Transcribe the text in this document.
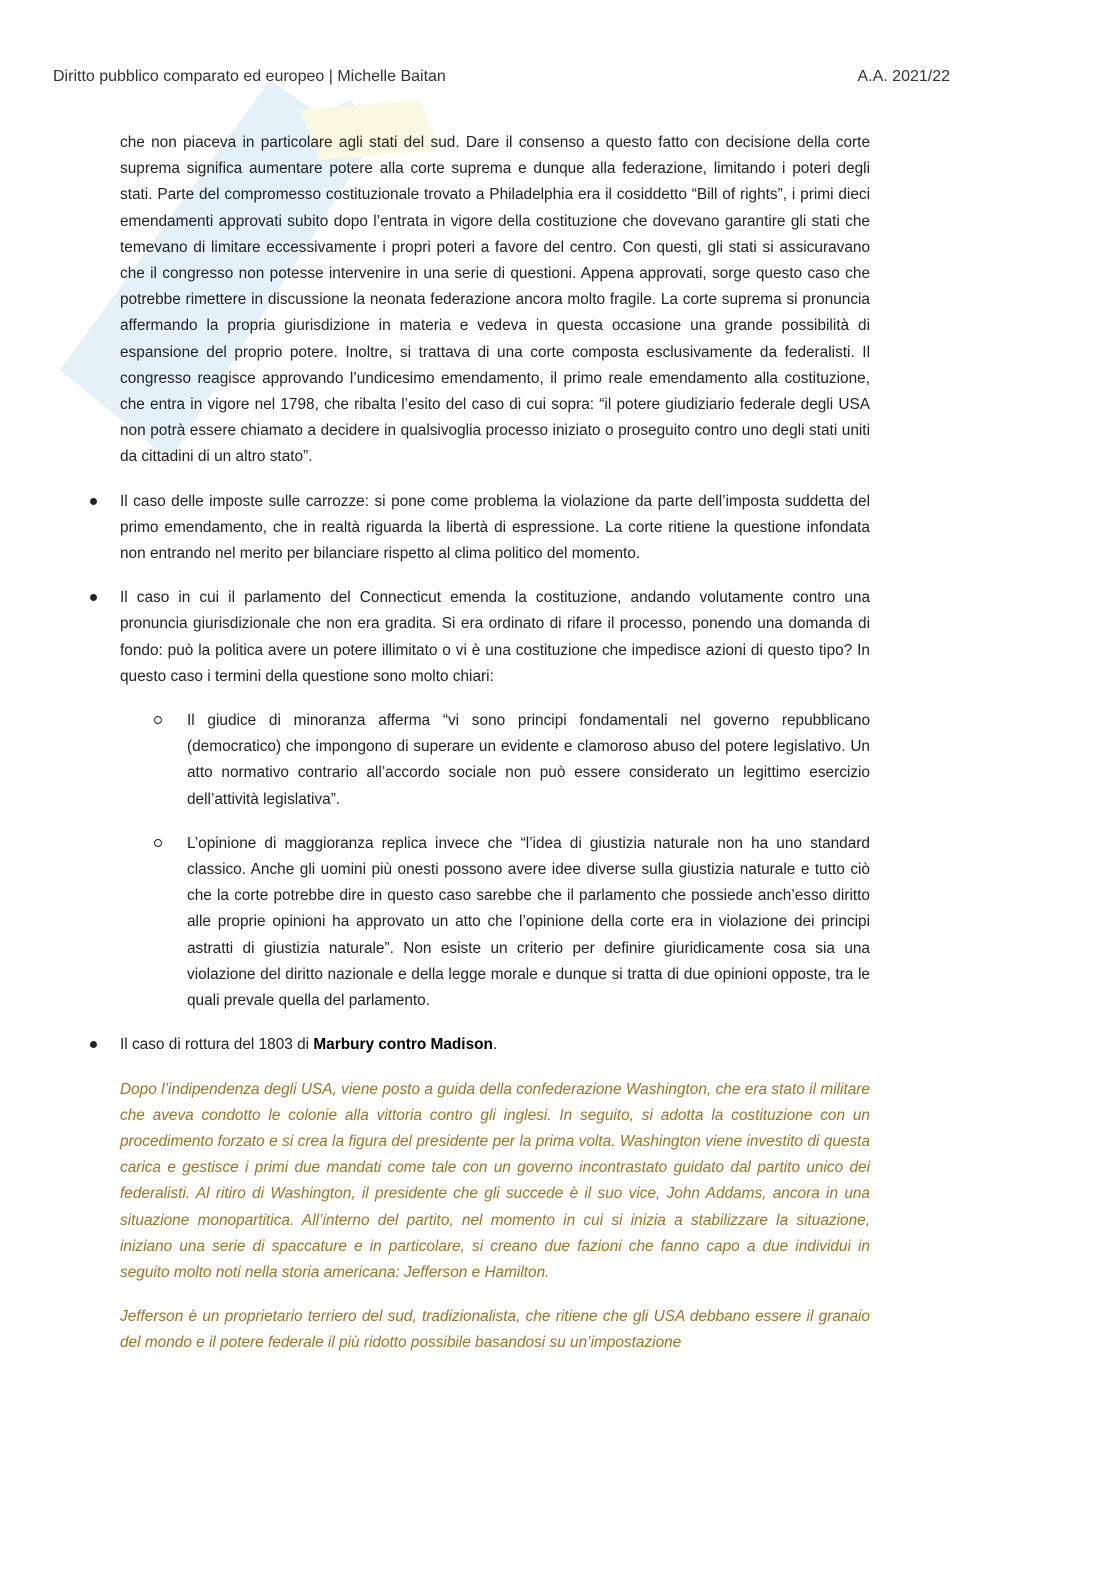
Diritto pubblico comparato ed europeo | Michelle Baitan	A.A. 2021/22

che non piaceva in particolare agli stati del sud. Dare il consenso a questo fatto con decisione della corte suprema significa aumentare potere alla corte suprema e dunque alla federazione, limitando i poteri degli stati. Parte del compromesso costituzionale trovato a Philadelphia era il cosiddetto “Bill of rights”, i primi dieci emendamenti approvati subito dopo l’entrata in vigore della costituzione che dovevano garantire gli stati che temevano di limitare eccessivamente i propri poteri a favore del centro. Con questi, gli stati si assicuravano che il congresso non potesse intervenire in una serie di questioni. Appena approvati, sorge questo caso che potrebbe rimettere in discussione la neonata federazione ancora molto fragile. La corte suprema si pronuncia affermando la propria giurisdizione in materia e vedeva in questa occasione una grande possibilità di espansione del proprio potere. Inoltre, si trattava di una corte composta esclusivamente da federalisti. Il congresso reagisce approvando l’undicesimo emendamento, il primo reale emendamento alla costituzione, che entra in vigore nel 1798, che ribalta l’esito del caso di cui sopra: “il potere giudiziario federale degli USA non potrà essere chiamato a decidere in qualsivoglia processo iniziato o proseguito contro uno degli stati uniti da cittadini di un altro stato”.

Il caso delle imposte sulle carrozze: si pone come problema la violazione da parte dell’imposta suddetta del primo emendamento, che in realtà riguarda la libertà di espressione. La corte ritiene la questione infondata non entrando nel merito per bilanciare rispetto al clima politico del momento.

Il caso in cui il parlamento del Connecticut emenda la costituzione, andando volutamente contro una pronuncia giurisdizionale che non era gradita. Si era ordinato di rifare il processo, ponendo una domanda di fondo: può la politica avere un potere illimitato o vi è una costituzione che impedisce azioni di questo tipo? In questo caso i termini della questione sono molto chiari:

Il giudice di minoranza afferma “vi sono principi fondamentali nel governo repubblicano (democratico) che impongono di superare un evidente e clamoroso abuso del potere legislativo. Un atto normativo contrario all’accordo sociale non può essere considerato un legittimo esercizio dell’attività legislativa”.

L’opinione di maggioranza replica invece che “l’idea di giustizia naturale non ha uno standard classico. Anche gli uomini più onesti possono avere idee diverse sulla giustizia naturale e tutto ciò che la corte potrebbe dire in questo caso sarebbe che il parlamento che possiede anch’esso diritto alle proprie opinioni ha approvato un atto che l’opinione della corte era in violazione dei principi astratti di giustizia naturale”. Non esiste un criterio per definire giuridicamente cosa sia una violazione del diritto nazionale e della legge morale e dunque si tratta di due opinioni opposte, tra le quali prevale quella del parlamento.

Il caso di rottura del 1803 di Marbury contro Madison.

Dopo l’indipendenza degli USA, viene posto a guida della confederazione Washington, che era stato il militare che aveva condotto le colonie alla vittoria contro gli inglesi. In seguito, si adotta la costituzione con un procedimento forzato e si crea la figura del presidente per la prima volta. Washington viene investito di questa carica e gestisce i primi due mandati come tale con un governo incontrastato guidato dal partito unico dei federalisti. Al ritiro di Washington, il presidente che gli succede è il suo vice, John Addams, ancora in una situazione monopartitica. All’interno del partito, nel momento in cui si inizia a stabilizzare la situazione, iniziano una serie di spaccature e in particolare, si creano due fazioni che fanno capo a due individui in seguito molto noti nella storia americana: Jefferson e Hamilton.

Jefferson è un proprietario terriero del sud, tradizionalista, che ritiene che gli USA debbano essere il granaio del mondo e il potere federale il più ridotto possibile basandosi su un’impostazione
